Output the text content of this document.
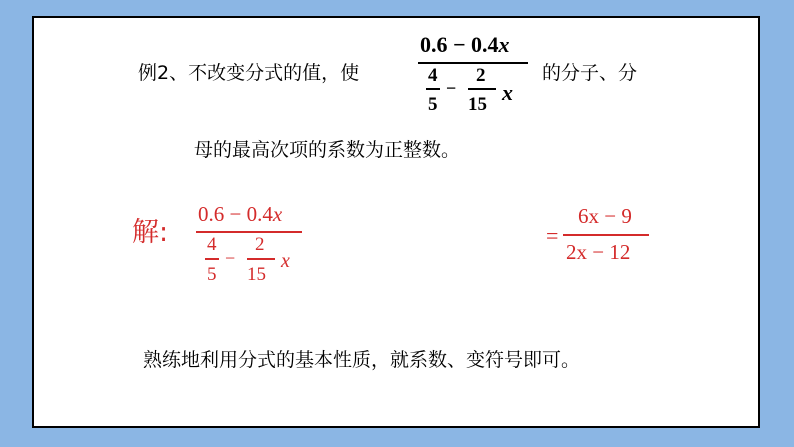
例2、不改变分式的值，使
0.6 − 0.4x
4
5
−
2
15 x
的分子、分
母的最高次项的系数为正整数。
解:
0.6 − 0.4x
4
5
−
2
15
x
=
6x − 9
2x − 12
熟练地利用分式的基本性质，就系数、变符号即可。
